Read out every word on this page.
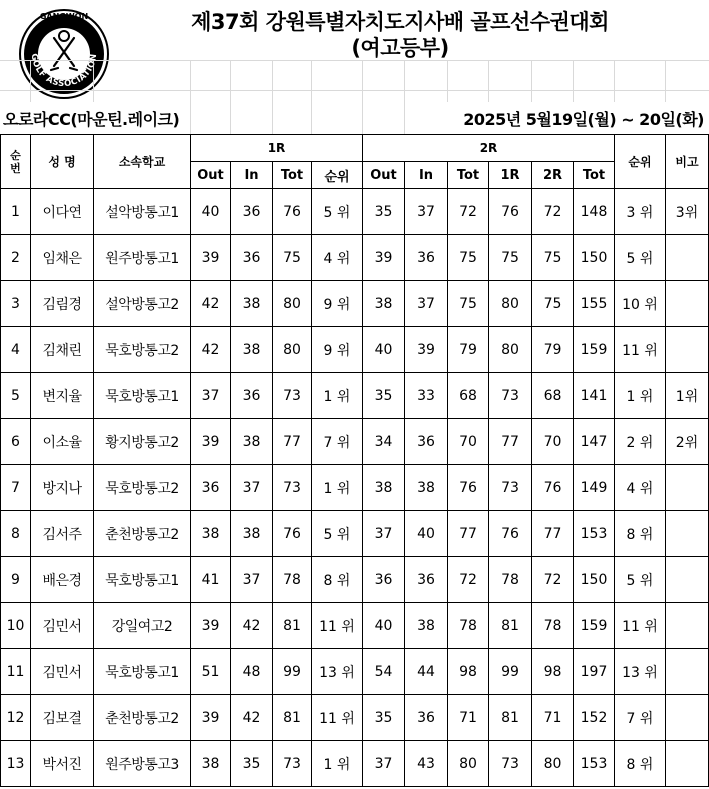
GANGWON
GOLF ASSOCIATION
제37회 강원특별자치도지사배 골프선수권대회
(여고등부)
오로라CC(마운틴.레이크)	2025년 5월19일(월) ~ 20일(화)
순번	성 명	소속학교	1R				2R						순위	비고
			Out	In	Tot	순위	Out	In	Tot	1R	2R	Tot		
1	이다연	설악방통고1	40	36	76	5 위	35	37	72	76	72	148	3 위	3위
2	임채은	원주방통고1	39	36	75	4 위	39	36	75	75	75	150	5 위	
3	김림경	설악방통고2	42	38	80	9 위	38	37	75	80	75	155	10 위	
4	김채린	묵호방통고2	42	38	80	9 위	40	39	79	80	79	159	11 위	
5	변지율	묵호방통고1	37	36	73	1 위	35	33	68	73	68	141	1 위	1위
6	이소율	황지방통고2	39	38	77	7 위	34	36	70	77	70	147	2 위	2위
7	방지나	묵호방통고2	36	37	73	1 위	38	38	76	73	76	149	4 위	
8	김서주	춘천방통고2	38	38	76	5 위	37	40	77	76	77	153	8 위	
9	배은경	묵호방통고1	41	37	78	8 위	36	36	72	78	72	150	5 위	
10	김민서	강일여고2	39	42	81	11 위	40	38	78	81	78	159	11 위	
11	김민서	묵호방통고1	51	48	99	13 위	54	44	98	99	98	197	13 위	
12	김보결	춘천방통고2	39	42	81	11 위	35	36	71	81	71	152	7 위	
13	박서진	원주방통고3	38	35	73	1 위	37	43	80	73	80	153	8 위	
